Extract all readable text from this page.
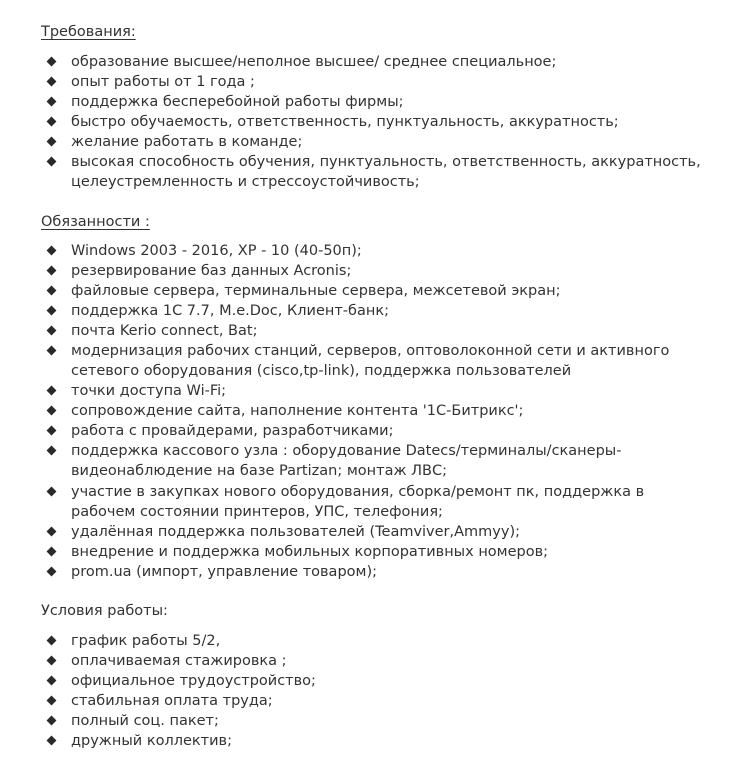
Требования:
образование высшее/неполное высшее/ среднее специальное;
опыт работы от 1 года ;
поддержка бесперебойной работы фирмы;
быстро обучаемость, ответственность, пунктуальность, аккуратность;
желание работать в команде;
высокая способность обучения, пунктуальность, ответственность, аккуратность,
целеустремленность и стрессоустойчивость;
Обязанности :
Windows 2003 - 2016, XP - 10 (40-50п);
резервирование баз данных Acronis;
файловые сервера, терминальные сервера, межсетевой экран;
поддержка 1С 7.7, M.e.Doc, Клиент-банк;
почта Kerio connect, Bat;
модернизация рабочих станций, серверов, оптоволоконной сети и активного
сетевого оборудования (cisco,tp-link), поддержка пользователей
точки доступа Wi-Fi;
сопровождение сайта, наполнение контента '1С-Битрикс';
работа с провайдерами, разработчиками;
поддержка кассового узла : оборудование Datecs/терминалы/сканеры-
видеонаблюдение на базе Partizan; монтаж ЛВС;
участие в закупках нового оборудования, сборка/ремонт пк, поддержка в
рабочем состоянии принтеров, УПС, телефония;
удалённая поддержка пользователей (Teamviver,Ammyy);
внедрение и поддержка мобильных корпоративных номеров;
prom.ua (импорт, управление товаром);
Условия работы:
график работы 5/2,
оплачиваемая стажировка ;
официальное трудоустройство;
стабильная оплата труда;
полный соц. пакет;
дружный коллектив;
